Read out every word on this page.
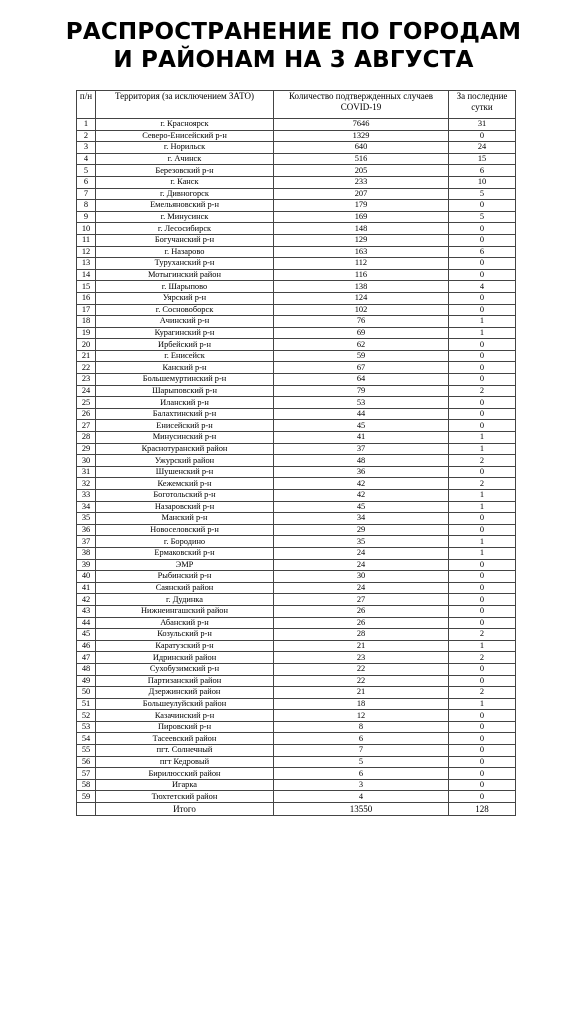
РАСПРОСТРАНЕНИЕ ПО ГОРОДАМ
И РАЙОНАМ НА 3 АВГУСТА
п/н	Территория (за исключением ЗАТО)	Количество подтвержденных случаев COVID-19	За последние сутки
1	г. Красноярск	7646	31
2	Северо-Енисейский р-н	1329	0
3	г. Норильск	640	24
4	г. Ачинск	516	15
5	Березовский р-н	205	6
6	г. Канск	233	10
7	г. Дивногорск	207	5
8	Емельяновский р-н	179	0
9	г. Минусинск	169	5
10	г. Лесосибирск	148	0
11	Богучанский р-н	129	0
12	г. Назарово	163	6
13	Туруханский р-н	112	0
14	Мотыгинский район	116	0
15	г. Шарыпово	138	4
16	Уярский р-н	124	0
17	г. Сосновоборск	102	0
18	Ачинский р-н	76	1
19	Курагинский р-н	69	1
20	Ирбейский р-н	62	0
21	г. Енисейск	59	0
22	Канский р-н	67	0
23	Большемуртинский р-н	64	0
24	Шарыповский р-н	79	2
25	Иланский р-н	53	0
26	Балахтинский р-н	44	0
27	Енисейский р-н	45	0
28	Минусинский р-н	41	1
29	Краснотуранский район	37	1
30	Ужурский район	48	2
31	Шушенский р-н	36	0
32	Кежемский р-н	42	2
33	Боготольский р-н	42	1
34	Назаровский р-н	45	1
35	Манский р-н	34	0
36	Новоселовский р-н	29	0
37	г. Бородино	35	1
38	Ермаковский р-н	24	1
39	ЭМР	24	0
40	Рыбинский р-н	30	0
41	Саянский район	24	0
42	г. Дудинка	27	0
43	Нижнеингашский район	26	0
44	Абанский р-н	26	0
45	Козульский р-н	28	2
46	Каратузский р-н	21	1
47	Идринский район	23	2
48	Сухобузимский р-н	22	0
49	Партизанский район	22	0
50	Дзержинский район	21	2
51	Большеулуйский район	18	1
52	Казачинский р-н	12	0
53	Пировский р-н	8	0
54	Тасеевский район	6	0
55	пгт. Солнечный	7	0
56	пгт Кедровый	5	0
57	Бирилюсский район	6	0
58	Игарка	3	0
59	Тюхтетский район	4	0
	Итого	13550	128
